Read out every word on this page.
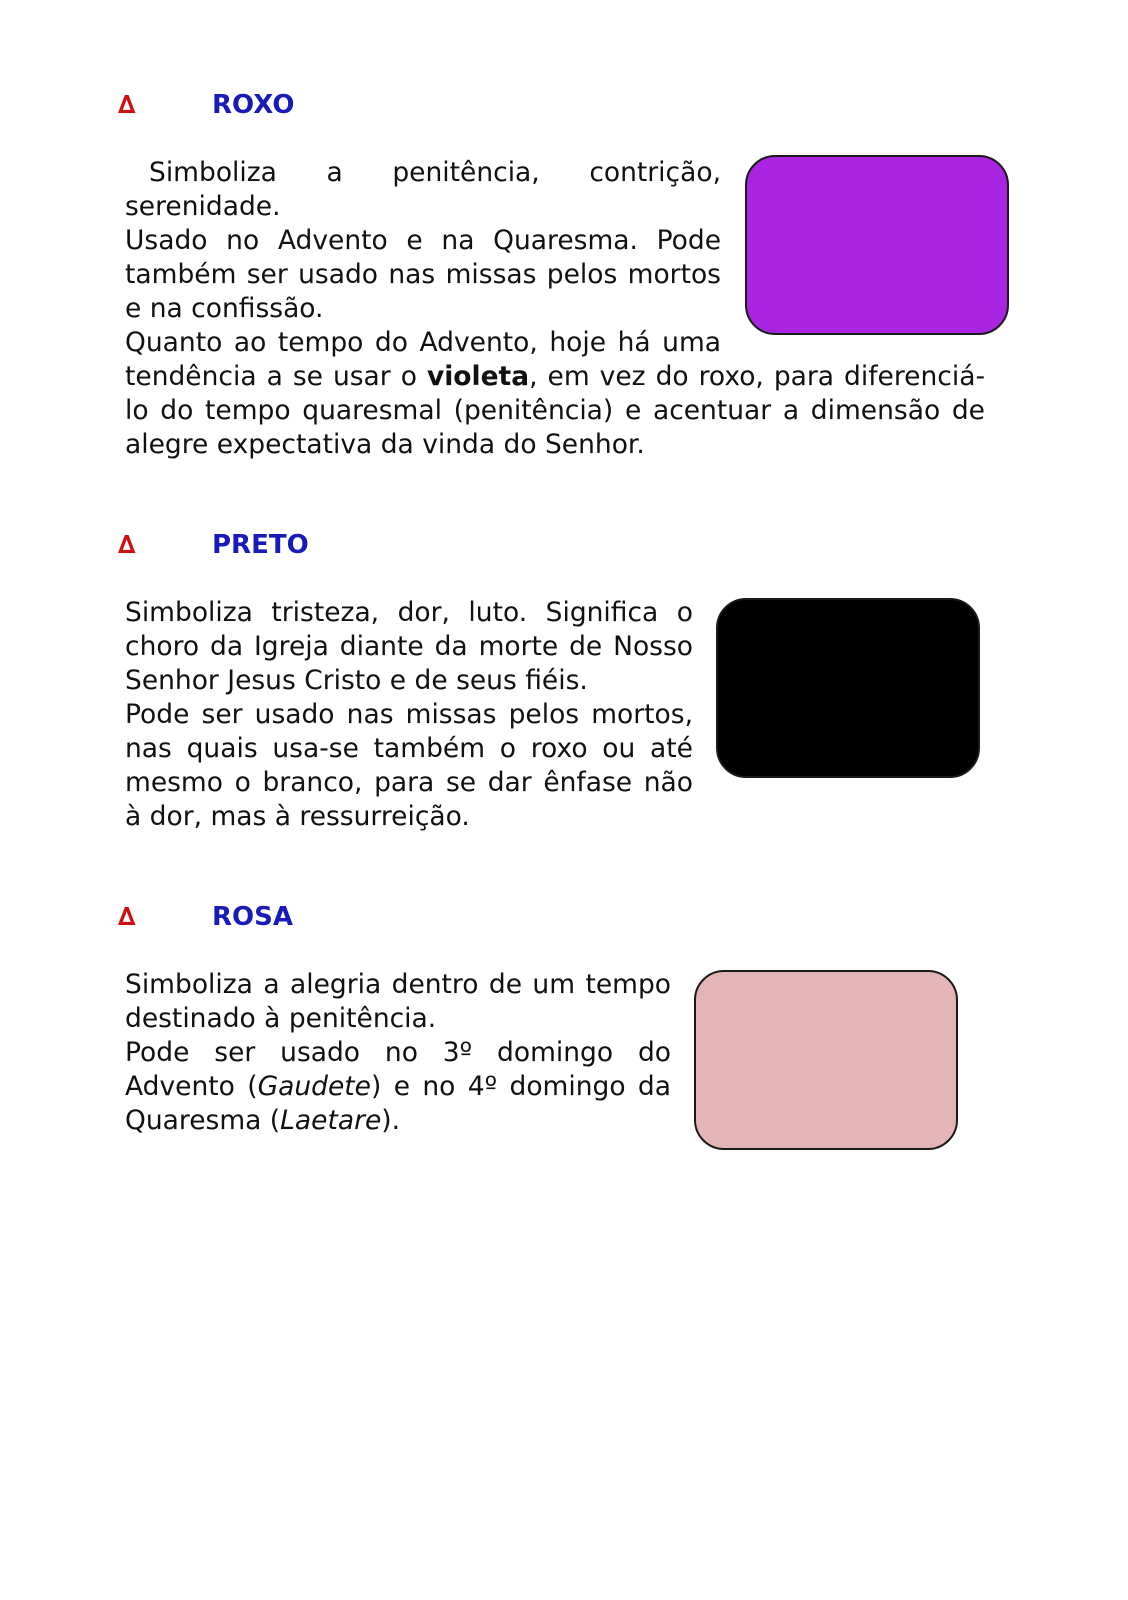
∆	ROXO

Simboliza a penitência, contrição, serenidade.

Usado no Advento e na Quaresma. Pode também ser usado nas missas pelos mortos e na confissão.

Quanto ao tempo do Advento, hoje há uma tendência a se usar o violeta, em vez do roxo, para diferenciá-lo do tempo quaresmal (penitência) e acentuar a dimensão de alegre expectativa da vinda do Senhor.

∆	PRETO

Simboliza tristeza, dor, luto. Significa o choro da Igreja diante da morte de Nosso Senhor Jesus Cristo e de seus fiéis.

Pode ser usado nas missas pelos mortos, nas quais usa-se também o roxo ou até mesmo o branco, para se dar ênfase não à dor, mas à ressurreição.

∆	ROSA

Simboliza a alegria dentro de um tempo destinado à penitência.

Pode ser usado no 3º domingo do Advento (Gaudete) e no 4º domingo da Quaresma (Laetare).
